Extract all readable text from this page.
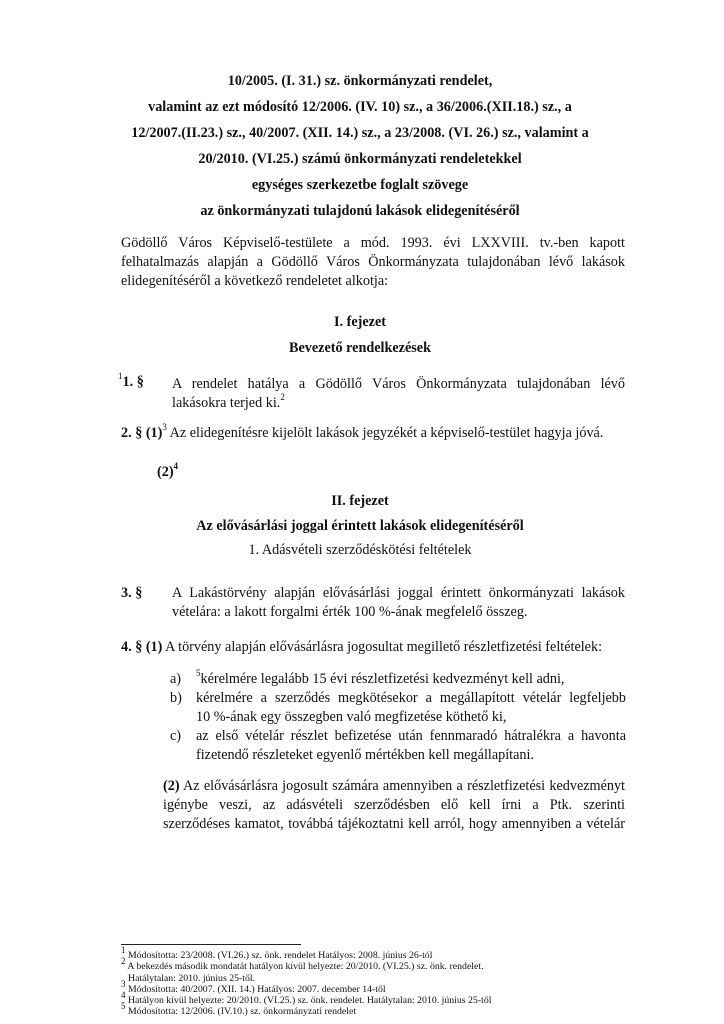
10/2005. (I. 31.) sz. önkormányzati rendelet,
valamint az ezt módosító 12/2006. (IV. 10) sz., a 36/2006.(XII.18.) sz., a
12/2007.(II.23.) sz., 40/2007. (XII. 14.) sz., a 23/2008. (VI. 26.) sz., valamint a
20/2010. (VI.25.) számú önkormányzati rendeletekkel
egységes szerkezetbe foglalt szövege
az önkormányzati tulajdonú lakások elidegenítéséről
Gödöllő Város Képviselő-testülete a mód. 1993. évi LXXVIII. tv.-ben kapott
felhatalmazás alapján a Gödöllő Város Önkormányzata tulajdonában lévő lakások
elidegenítéséről a következő rendeletet alkotja:
I. fejezet
Bevezető rendelkezések
$^1$1. § A rendelet hatálya a Gödöllő Város Önkormányzata tulajdonában lévő
lakásokra terjed ki.$^2$
2. § $(1)^3$ Az elidegenítésre kijelölt lakások jegyzékét a képviselő-testület hagyja jóvá.
$(2)^4$
II. fejezet
Az elővásárlási joggal érintett lakások elidegenítéséről
1. Adásvételi szerződéskötési feltételek
3. § A Lakástörvény alapján elővásárlási joggal érintett önkormányzati lakások
vételára: a lakott forgalmi érték 100 %-ának megfelelő összeg.
4. § (1) A törvény alapján elővásárlásra jogosultat megillető részletfizetési feltételek:
a) $^5$kérelmére legalább 15 évi részletfizetési kedvezményt kell adni,
b) kérelmére a szerződés megkötésekor a megállapított vételár legfeljebb
10 %-ának egy összegben való megfizetése köthető ki,
c) az első vételár részlet befizetése után fennmaradó hátralékra a havonta
fizetendő részleteket egyenlő mértékben kell megállapítani.
(2) Az elővásárlásra jogosult számára amennyiben a részletfizetési kedvezményt
igénybe veszi, az adásvételi szerződésben elő kell írni a Ptk. szerinti
szerződéses kamatot, továbbá tájékoztatni kell arról, hogy amennyiben a vételár
$^1$ Módosította: 23/2008. (VI.26.) sz. önk. rendelet Hatályos: 2008. június 26-tól
$^2$ A bekezdés második mondatát hatályon kívül helyezte: 20/2010. (VI.25.) sz. önk. rendelet.
Hatálytalan: 2010. június 25-től.
$^3$ Módosította: 40/2007. (XII. 14.) Hatályos: 2007. december 14-től
$^4$ Hatályon kívül helyezte: 20/2010. (VI.25.) sz. önk. rendelet. Hatálytalan: 2010. június 25-től
$^5$ Módosította: 12/2006. (IV.10.) sz. önkormányzati rendelet
